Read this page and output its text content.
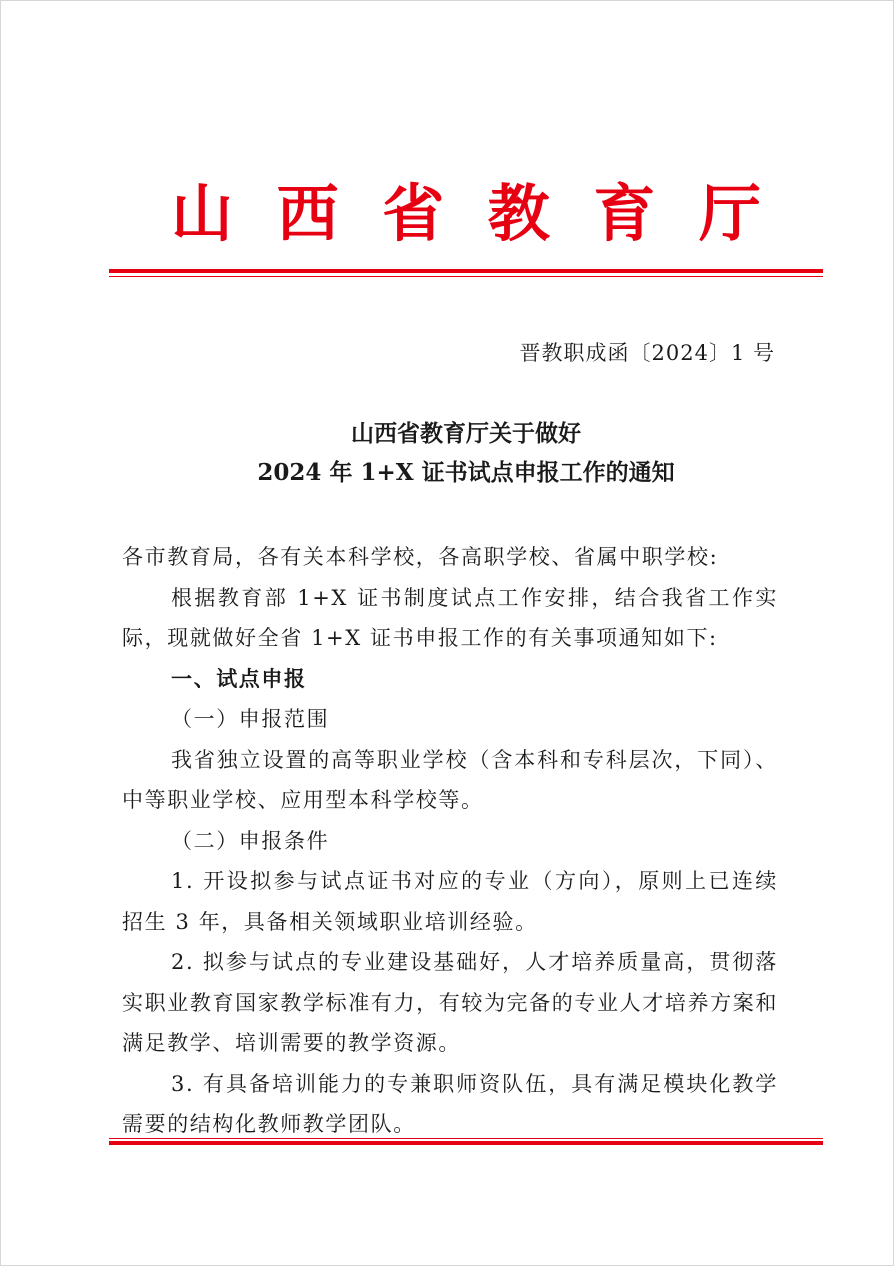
山 西 省 教 育 厅
晋教职成函〔2024〕1 号
山西省教育厅关于做好
2024 年 1+X 证书试点申报工作的通知

各市教育局，各有关本科学校，各高职学校、省属中职学校:

根据教育部 1+X 证书制度试点工作安排，结合我省工作实际，现就做好全省 1+X 证书申报工作的有关事项通知如下:

一、试点申报

（一）申报范围

我省独立设置的高等职业学校（含本科和专科层次，下同）、中等职业学校、应用型本科学校等。

（二）申报条件

1. 开设拟参与试点证书对应的专业（方向），原则上已连续招生 3 年，具备相关领域职业培训经验。

2. 拟参与试点的专业建设基础好，人才培养质量高，贯彻落实职业教育国家教学标准有力，有较为完备的专业人才培养方案和满足教学、培训需要的教学资源。

3. 有具备培训能力的专兼职师资队伍，具有满足模块化教学需要的结构化教师教学团队。
